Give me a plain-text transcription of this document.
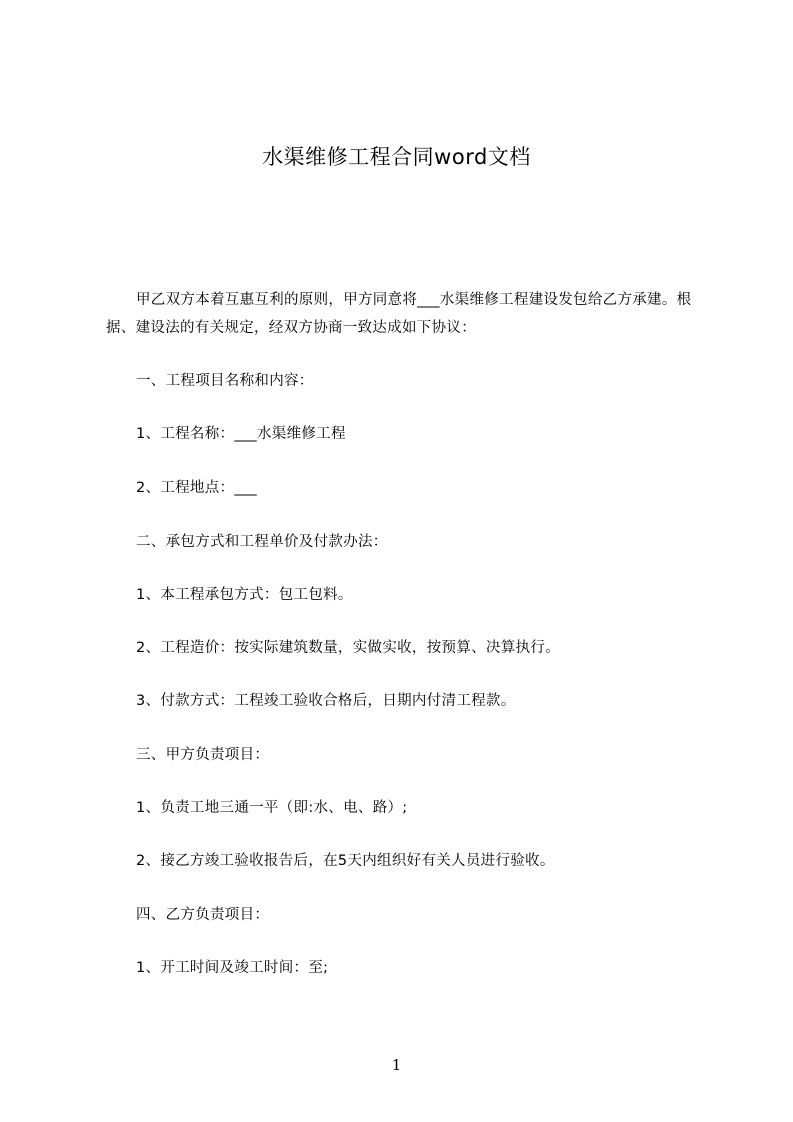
水渠维修工程合同word文档
甲乙双方本着互惠互利的原则，甲方同意将___水渠维修工程建设发包给乙方承建。根据、建设法的有关规定，经双方协商一致达成如下协议：
一、工程项目名称和内容：
1、工程名称：___水渠维修工程
2、工程地点：___
二、承包方式和工程单价及付款办法：
1、本工程承包方式：包工包料。
2、工程造价：按实际建筑数量，实做实收，按预算、决算执行。
3、付款方式：工程竣工验收合格后，日期内付清工程款。
三、甲方负责项目：
1、负责工地三通一平（即:水、电、路）;
2、接乙方竣工验收报告后，在5天内组织好有关人员进行验收。
四、乙方负责项目：
1、开工时间及竣工时间：至;
1
